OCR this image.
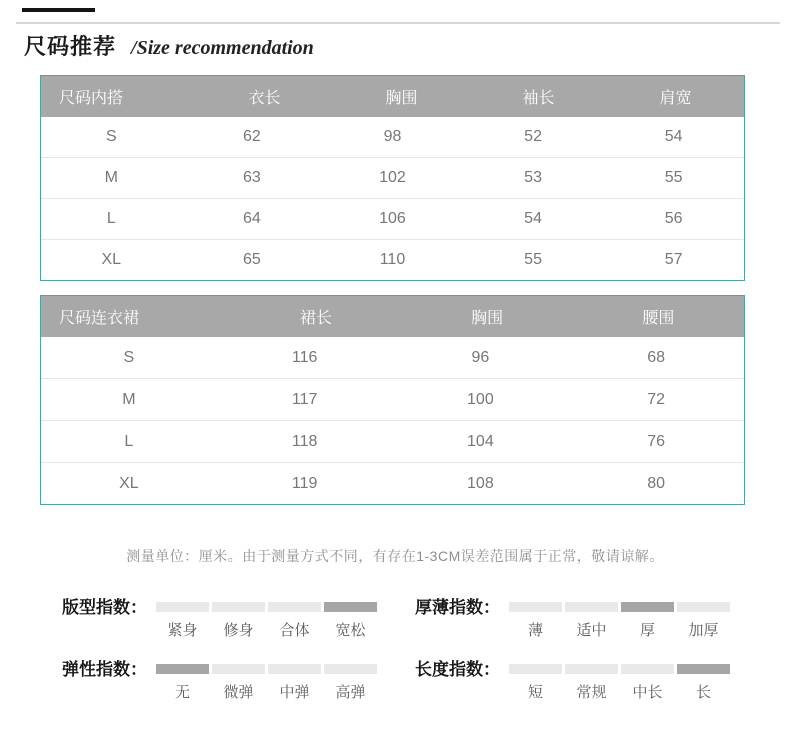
尺码推荐 /Size recommendation
尺码内搭	衣长	胸围	袖长	肩宽
S	62	98	52	54
M	63	102	53	55
L	64	106	54	56
XL	65	110	55	57
尺码连衣裙	裙长	胸围	腰围
S	116	96	68
M	117	100	72
L	118	104	76
XL	119	108	80
测量单位：厘米。由于测量方式不同，有存在1-3CM误差范围属于正常，敬请谅解。
版型指数：
紧身	修身	合体	宽松
厚薄指数：
薄	适中	厚	加厚
弹性指数：
无	微弹	中弹	高弹
长度指数：
短	常规	中长	长
